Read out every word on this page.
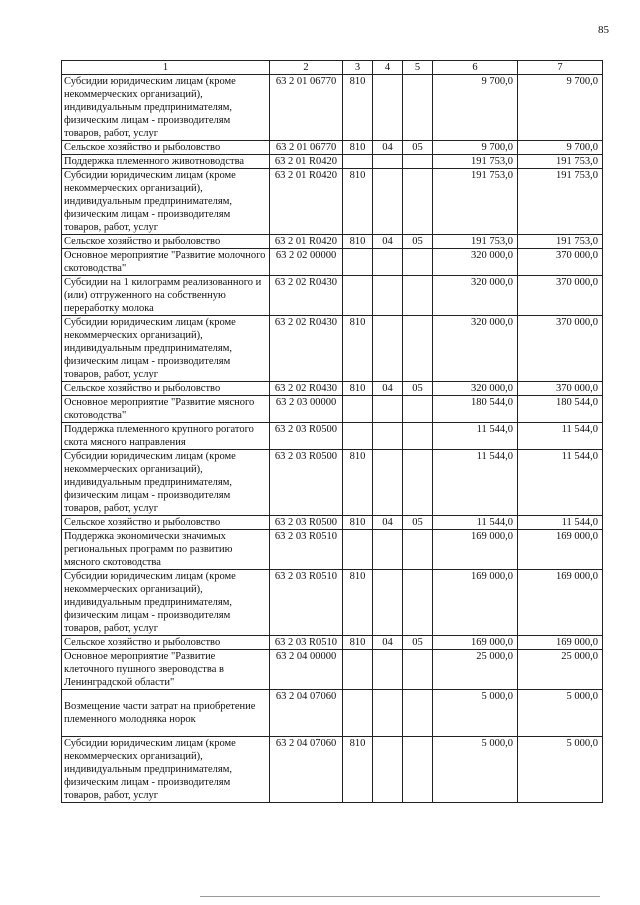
85
1	2	3	4	5	6	7
Субсидии юридическим лицам (кроме некоммерческих организаций), индивидуальным предпринимателям, физическим лицам - производителям товаров, работ, услуг	63 2 01 06770	810			9 700,0	9 700,0
Сельское хозяйство и рыболовство	63 2 01 06770	810	04	05	9 700,0	9 700,0
Поддержка племенного животноводства	63 2 01 R0420				191 753,0	191 753,0
Субсидии юридическим лицам (кроме некоммерческих организаций), индивидуальным предпринимателям, физическим лицам - производителям товаров, работ, услуг	63 2 01 R0420	810			191 753,0	191 753,0
Сельское хозяйство и рыболовство	63 2 01 R0420	810	04	05	191 753,0	191 753,0
Основное мероприятие "Развитие молочного скотоводства"	63 2 02 00000				320 000,0	370 000,0
Субсидии на 1 килограмм реализованного и (или) отгруженного на собственную переработку молока	63 2 02 R0430				320 000,0	370 000,0
Субсидии юридическим лицам (кроме некоммерческих организаций), индивидуальным предпринимателям, физическим лицам - производителям товаров, работ, услуг	63 2 02 R0430	810			320 000,0	370 000,0
Сельское хозяйство и рыболовство	63 2 02 R0430	810	04	05	320 000,0	370 000,0
Основное мероприятие "Развитие мясного скотоводства"	63 2 03 00000				180 544,0	180 544,0
Поддержка племенного крупного рогатого скота мясного направления	63 2 03 R0500				11 544,0	11 544,0
Субсидии юридическим лицам (кроме некоммерческих организаций), индивидуальным предпринимателям, физическим лицам - производителям товаров, работ, услуг	63 2 03 R0500	810			11 544,0	11 544,0
Сельское хозяйство и рыболовство	63 2 03 R0500	810	04	05	11 544,0	11 544,0
Поддержка экономически значимых региональных программ по развитию мясного скотоводства	63 2 03 R0510				169 000,0	169 000,0
Субсидии юридическим лицам (кроме некоммерческих организаций), индивидуальным предпринимателям, физическим лицам - производителям товаров, работ, услуг	63 2 03 R0510	810			169 000,0	169 000,0
Сельское хозяйство и рыболовство	63 2 03 R0510	810	04	05	169 000,0	169 000,0
Основное мероприятие "Развитие клеточного пушного звероводства в Ленинградской области"	63 2 04 00000				25 000,0	25 000,0
Возмещение части затрат на приобретение племенного молодняка норок	63 2 04 07060				5 000,0	5 000,0
Субсидии юридическим лицам (кроме некоммерческих организаций), индивидуальным предпринимателям, физическим лицам - производителям товаров, работ, услуг	63 2 04 07060	810			5 000,0	5 000,0
